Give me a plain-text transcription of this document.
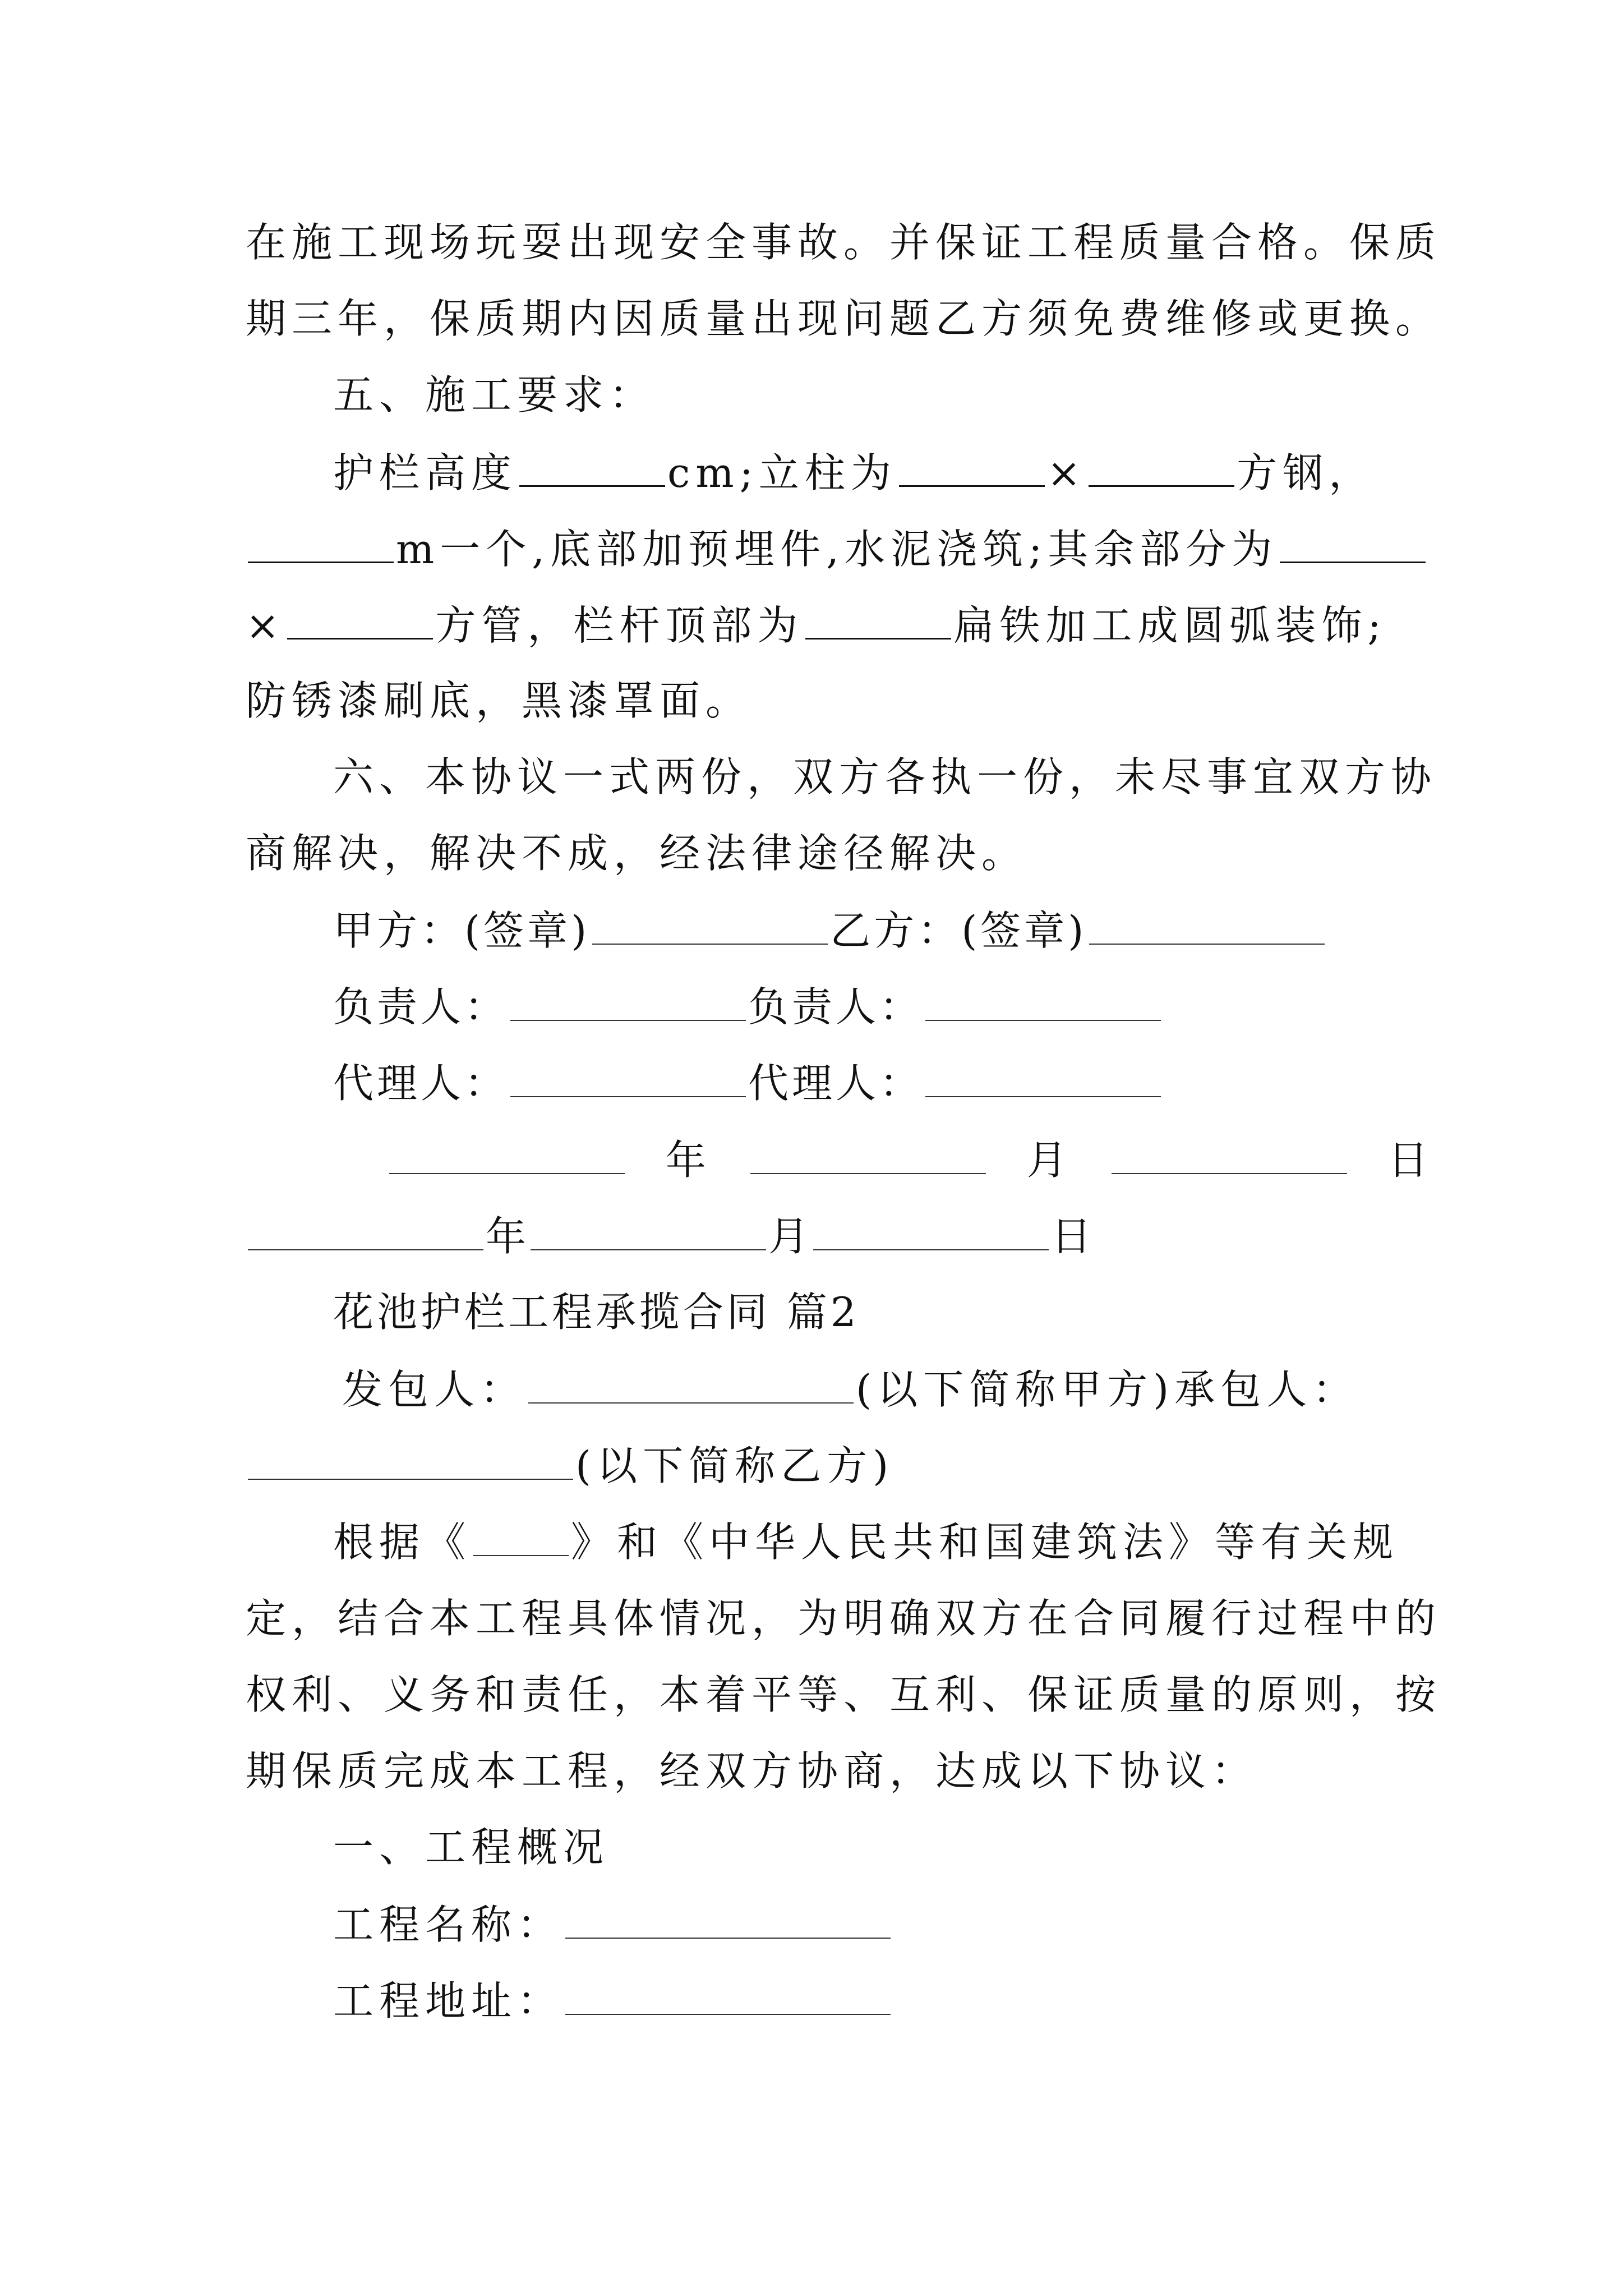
在施工现场玩耍出现安全事故。并保证工程质量合格。保质
期三年，保质期内因质量出现问题乙方须免费维修或更换。
五、施工要求：
护栏高度	cm;立柱为	×	方钢，
m一个,底部加预埋件,水泥浇筑;其余部分为
×	方管，栏杆顶部为	扁铁加工成圆弧装饰;
防锈漆刷底，黑漆罩面。
六、本协议一式两份，双方各执一份，未尽事宜双方协
商解决，解决不成，经法律途径解决。
甲方：(签章)	乙方：(签章)
负责人：	负责人：
代理人：	代理人：
年	月	日
年	月	日
花池护栏工程承揽合同 篇2
发包人：	(以下简称甲方)承包人：
(以下简称乙方)
根据《 》和《中华人民共和国建筑法》等有关规
定，结合本工程具体情况，为明确双方在合同履行过程中的
权利、义务和责任，本着平等、互利、保证质量的原则，按
期保质完成本工程，经双方协商，达成以下协议：
一、工程概况
工程名称：
工程地址：
